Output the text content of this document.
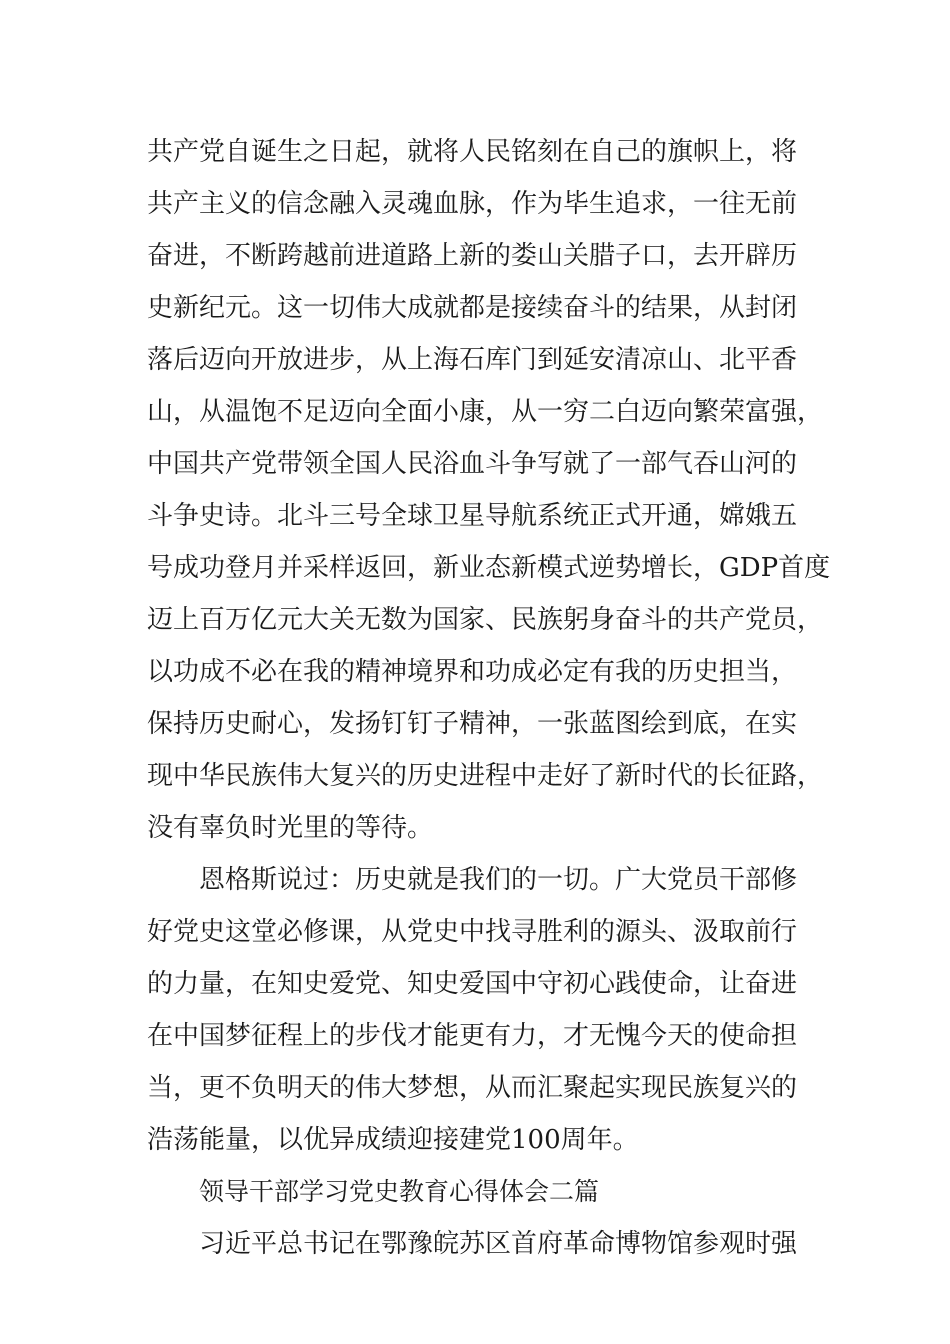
共产党自诞生之日起，就将人民铭刻在自己的旗帜上，将
共产主义的信念融入灵魂血脉，作为毕生追求，一往无前
奋进，不断跨越前进道路上新的娄山关腊子口，去开辟历
史新纪元。这一切伟大成就都是接续奋斗的结果，从封闭
落后迈向开放进步，从上海石库门到延安清凉山、北平香
山，从温饱不足迈向全面小康，从一穷二白迈向繁荣富强，
中国共产党带领全国人民浴血斗争写就了一部气吞山河的
斗争史诗。北斗三号全球卫星导航系统正式开通，嫦娥五
号成功登月并采样返回，新业态新模式逆势增长，GDP首度
迈上百万亿元大关无数为国家、民族躬身奋斗的共产党员，
以功成不必在我的精神境界和功成必定有我的历史担当，
保持历史耐心，发扬钉钉子精神，一张蓝图绘到底，在实
现中华民族伟大复兴的历史进程中走好了新时代的长征路，
没有辜负时光里的等待。
恩格斯说过：历史就是我们的一切。广大党员干部修
好党史这堂必修课，从党史中找寻胜利的源头、汲取前行
的力量，在知史爱党、知史爱国中守初心践使命，让奋进
在中国梦征程上的步伐才能更有力，才无愧今天的使命担
当，更不负明天的伟大梦想，从而汇聚起实现民族复兴的
浩荡能量，以优异成绩迎接建党100周年。
领导干部学习党史教育心得体会二篇
习近平总书记在鄂豫皖苏区首府革命博物馆参观时强
